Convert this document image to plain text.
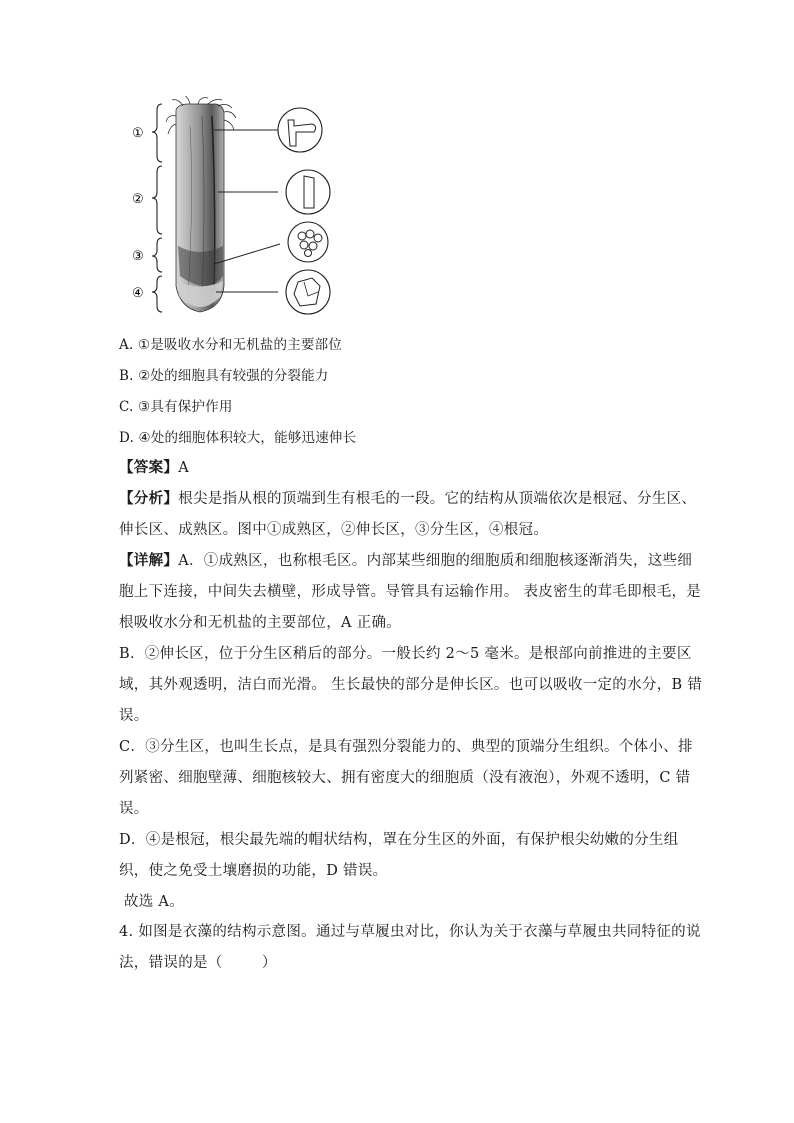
①
②
③
④
A. ①是吸收水分和无机盐的主要部位
B. ②处的细胞具有较强的分裂能力
C. ③具有保护作用
D. ④处的细胞体积较大，能够迅速伸长
【答案】A
【分析】根尖是指从根的顶端到生有根毛的一段。它的结构从顶端依次是根冠、分生区、
伸长区、成熟区。图中①成熟区，②伸长区，③分生区，④根冠。
【详解】A．①成熟区，也称根毛区。内部某些细胞的细胞质和细胞核逐渐消失，这些细
胞上下连接，中间失去横壁，形成导管。导管具有运输作用。 表皮密生的茸毛即根毛，是
根吸收水分和无机盐的主要部位，A 正确。
B．②伸长区，位于分生区稍后的部分。一般长约 2～5 毫米。是根部向前推进的主要区
域，其外观透明，洁白而光滑。 生长最快的部分是伸长区。也可以吸收一定的水分，B 错
误。
C．③分生区，也叫生长点，是具有强烈分裂能力的、典型的顶端分生组织。个体小、排
列紧密、细胞壁薄、细胞核较大、拥有密度大的细胞质（没有液泡），外观不透明，C 错
误。
D．④是根冠，根尖最先端的帽状结构，罩在分生区的外面，有保护根尖幼嫩的分生组
织，使之免受土壤磨损的功能，D 错误。
故选 A。
4. 如图是衣藻的结构示意图。通过与草履虫对比，你认为关于衣藻与草履虫共同特征的说
法，错误的是（        ）
